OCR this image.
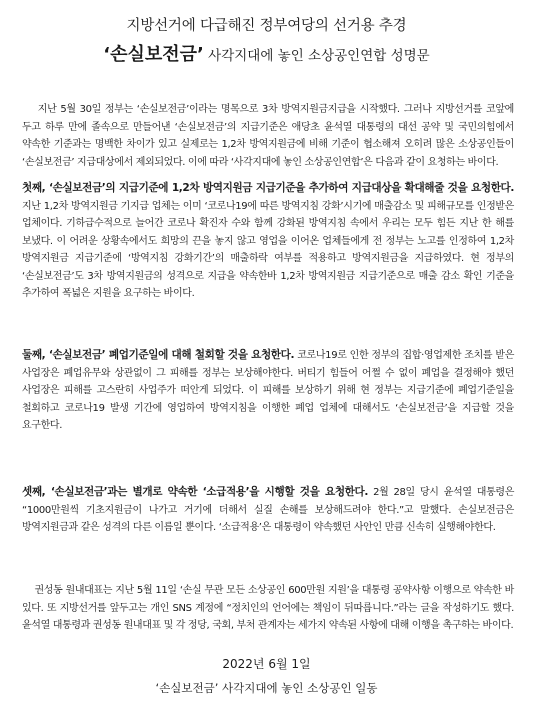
지방선거에 다급해진 정부여당의 선거용 추경
‘손실보전금’ 사각지대에 놓인 소상공인연합 성명문

지난 5월 30일 정부는 ‘손실보전금’이라는 명목으로 3차 방역지원금지급을 시작했다. 그러나 지방선거를 코앞에 두고 하루 만에 졸속으로 만들어낸 ‘손실보전금’의 지급기준은 애당초 윤석열 대통령의 대선 공약 및 국민의힘에서 약속한 기준과는 명백한 차이가 있고 실제로는 1,2차 방역지원금에 비해 기준이 협소해져 오히려 많은 소상공인들이 ‘손실보전금’ 지급대상에서 제외되었다. 이에 따라 ‘사각지대에 놓인 소상공인연합’은 다음과 같이 요청하는 바이다.

첫째, ‘손실보전금’의 지급기준에 1,2차 방역지원금 지급기준을 추가하여 지급대상을 확대해줄 것을 요청한다. 지난 1,2차 방역지원금 기지급 업체는 이미 ‘코로나19에 따른 방역지침 강화’시기에 매출감소 및 피해규모를 인정받은 업체이다. 기하급수적으로 늘어간 코로나 확진자 수와 함께 강화된 방역지침 속에서 우리는 모두 힘든 지난 한 해를 보냈다. 이 어려운 상황속에서도 희망의 끈을 놓지 않고 영업을 이어온 업체들에게 전 정부는 노고를 인정하여 1,2차 방역지원금 지급기준에 ‘방역지침 강화기간’의 매출하락 여부를 적용하고 방역지원금을 지급하였다. 현 정부의 ‘손실보전금’도 3차 방역지원금의 성격으로 지급을 약속한바 1,2차 방역지원금 지급기준으로 매출 감소 확인 기준을 추가하여 폭넓은 지원을 요구하는 바이다.

둘째, ‘손실보전금’ 폐업기준일에 대해 철회할 것을 요청한다. 코로나19로 인한 정부의 집합·영업제한 조치를 받은 사업장은 폐업유무와 상관없이 그 피해를 정부는 보상해야한다. 버티기 힘들어 어쩔 수 없이 폐업을 결정해야 했던 사업장은 피해를 고스란히 사업주가 떠안게 되었다. 이 피해를 보상하기 위해 현 정부는 지급기준에 폐업기준일을 철회하고 코로나19 발생 기간에 영업하여 방역지침을 이행한 폐업 업체에 대해서도 ‘손실보전금’을 지급할 것을 요구한다.

셋째, ‘손실보전금’과는 별개로 약속한 ‘소급적용’을 시행할 것을 요청한다. 2월 28일 당시 윤석열 대통령은 “1000만원씩 기초지원금이 나가고 거기에 더해서 실질 손해를 보상해드려야 한다.”고 말했다. 손실보전금은 방역지원금과 같은 성격의 다른 이름일 뿐이다. ‘소급적용’은 대통령이 약속했던 사안인 만큼 신속히 실행해야한다.

권성동 원내대표는 지난 5월 11일 ‘손실 무관 모든 소상공인 600만원 지원’을 대통령 공약사항 이행으로 약속한 바 있다. 또 지방선거를 앞두고는 개인 SNS 계정에 “정치인의 언어에는 책임이 뒤따릅니다.”라는 글을 작성하기도 했다. 윤석열 대통령과 권성동 원내대표 및 각 정당, 국회, 부처 관계자는 세가지 약속된 사항에 대해 이행을 촉구하는 바이다.

2022년 6월 1일
‘손실보전금’ 사각지대에 놓인 소상공인 일동
